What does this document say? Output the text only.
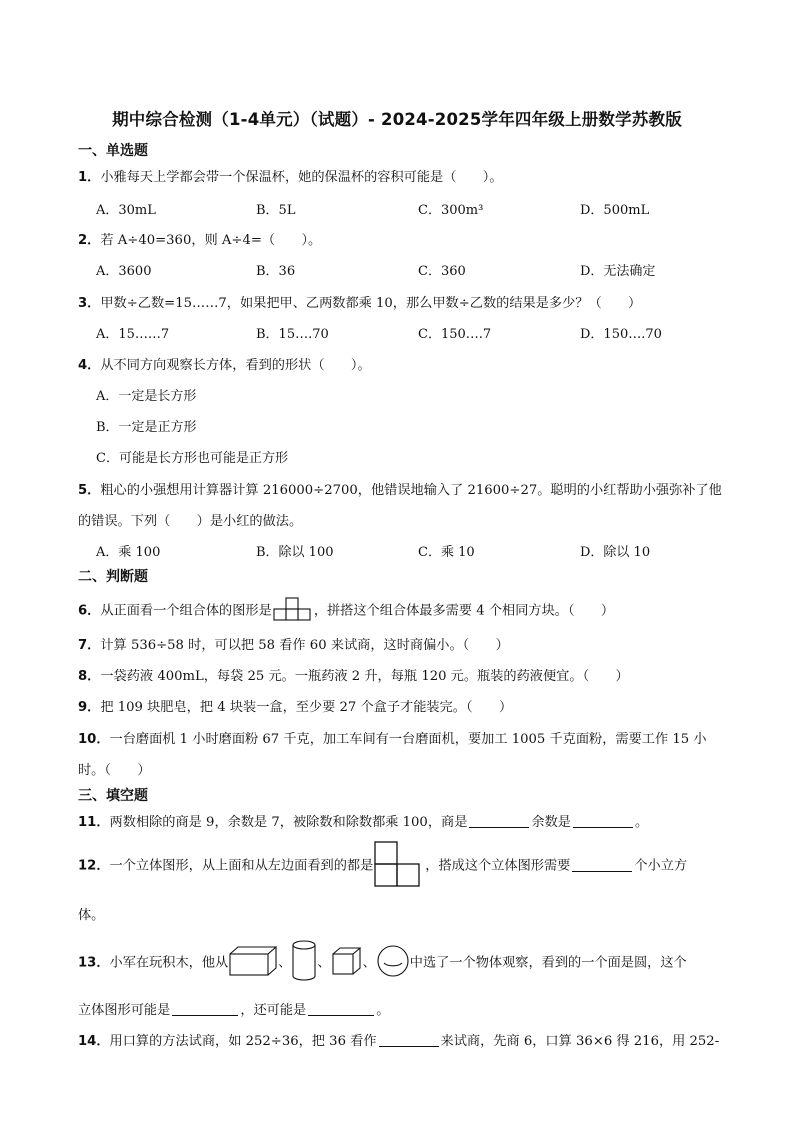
期中综合检测（1-4单元）（试题）- 2024-2025学年四年级上册数学苏教版
一、单选题
1．小雅每天上学都会带一个保温杯，她的保温杯的容积可能是（　　）。
A．30mL	B．5L	C．300m³	D．500mL
2．若 A÷40=360，则 A÷4=（　　）。
A．3600	B．36	C．360	D．无法确定
3．甲数÷乙数=15……7，如果把甲、乙两数都乘 10，那么甲数÷乙数的结果是多少？（　　）
A．15……7	B．15….70	C．150….7	D．150….70
4．从不同方向观察长方体，看到的形状（　　）。
A．一定是长方形
B．一定是正方形
C．可能是长方形也可能是正方形
5．粗心的小强想用计算器计算 216000÷2700，他错误地输入了 21600÷27。聪明的小红帮助小强弥补了他
的错误。下列（　　）是小红的做法。
A．乘 100	B．除以 100	C．乘 10	D．除以 10
二、判断题
6．从正面看一个组合体的图形是	，拼搭这个组合体最多需要 4 个相同方块。（　　）
7．计算 536÷58 时，可以把 58 看作 60 来试商，这时商偏小。（　　）
8．一袋药液 400mL，每袋 25 元。一瓶药液 2 升，每瓶 120 元。瓶装的药液便宜。（　　）
9．把 109 块肥皂，把 4 块装一盒，至少要 27 个盒子才能装完。（　　）
10．一台磨面机 1 小时磨面粉 67 千克，加工车间有一台磨面机，要加工 1005 千克面粉，需要工作 15 小
时。（　　）
三、填空题
11．两数相除的商是 9，余数是 7，被除数和除数都乘 100，商是	余数是	。
12．一个立体图形，从上面和从左边面看到的都是	，搭成这个立体图形需要	个小立方
体。
13．小军在玩积木，他从	、 、 、	中选了一个物体观察，看到的一个面是圆，这个
立体图形可能是	，还可能是	。
14．用口算的方法试商，如 252÷36，把 36 看作	来试商，先商 6，口算 36×6 得 216，用 252-
